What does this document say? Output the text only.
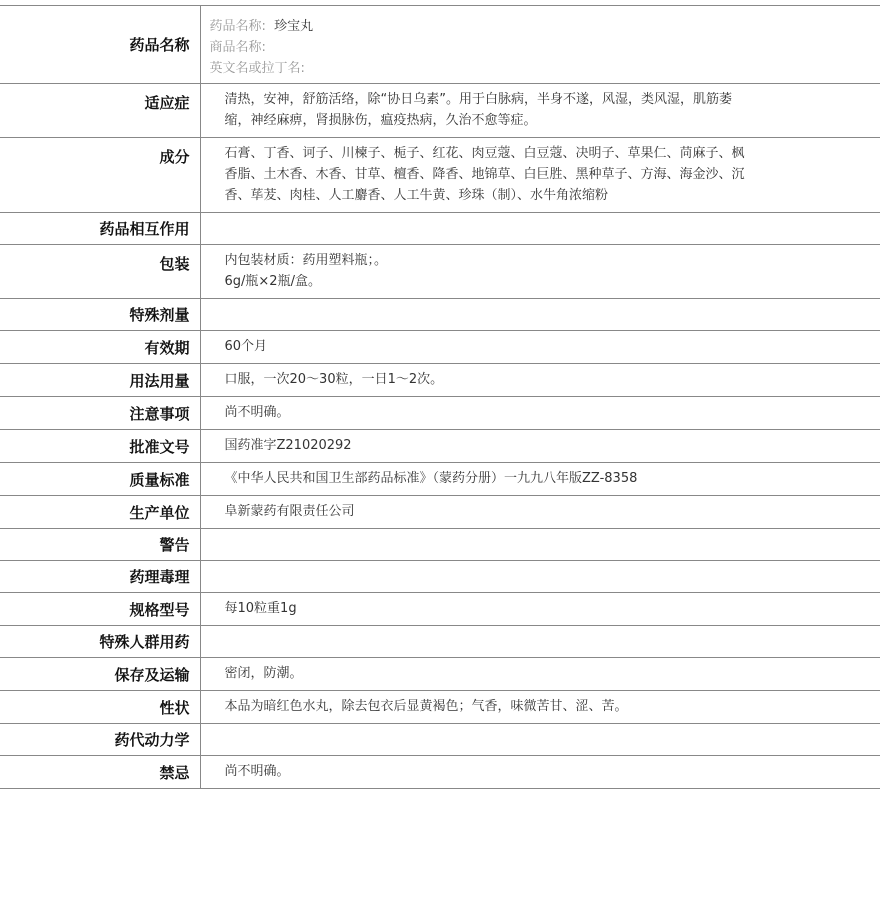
药品名称	药品名称: 珍宝丸
商品名称:
英文名或拉丁名:

适应症	清热，安神，舒筋活络，除“协日乌素”。用于白脉病，半身不遂，风湿，类风湿，肌筋萎
缩，神经麻痹，肾损脉伤，瘟疫热病，久治不愈等症。

成分	石膏、丁香、诃子、川楝子、栀子、红花、肉豆蔻、白豆蔻、决明子、草果仁、苘麻子、枫
香脂、土木香、木香、甘草、檀香、降香、地锦草、白巨胜、黑种草子、方海、海金沙、沉
香、荜茇、肉桂、人工麝香、人工牛黄、珍珠（制）、水牛角浓缩粉

药品相互作用	
包装	内包装材质：药用塑料瓶；。
6g/瓶×2瓶/盒。

特殊剂量	
有效期	60个月
用法用量	口服，一次20～30粒，一日1～2次。
注意事项	尚不明确。
批准文号	国药准字Z21020292
质量标准	《中华人民共和国卫生部药品标准》（蒙药分册）一九九八年版ZZ-8358
生产单位	阜新蒙药有限责任公司
警告	
药理毒理	
规格型号	每10粒重1g
特殊人群用药	
保存及运输	密闭，防潮。
性状	本品为暗红色水丸，除去包衣后显黄褐色；气香，味微苦甘、涩、苦。
药代动力学	
禁忌	尚不明确。
